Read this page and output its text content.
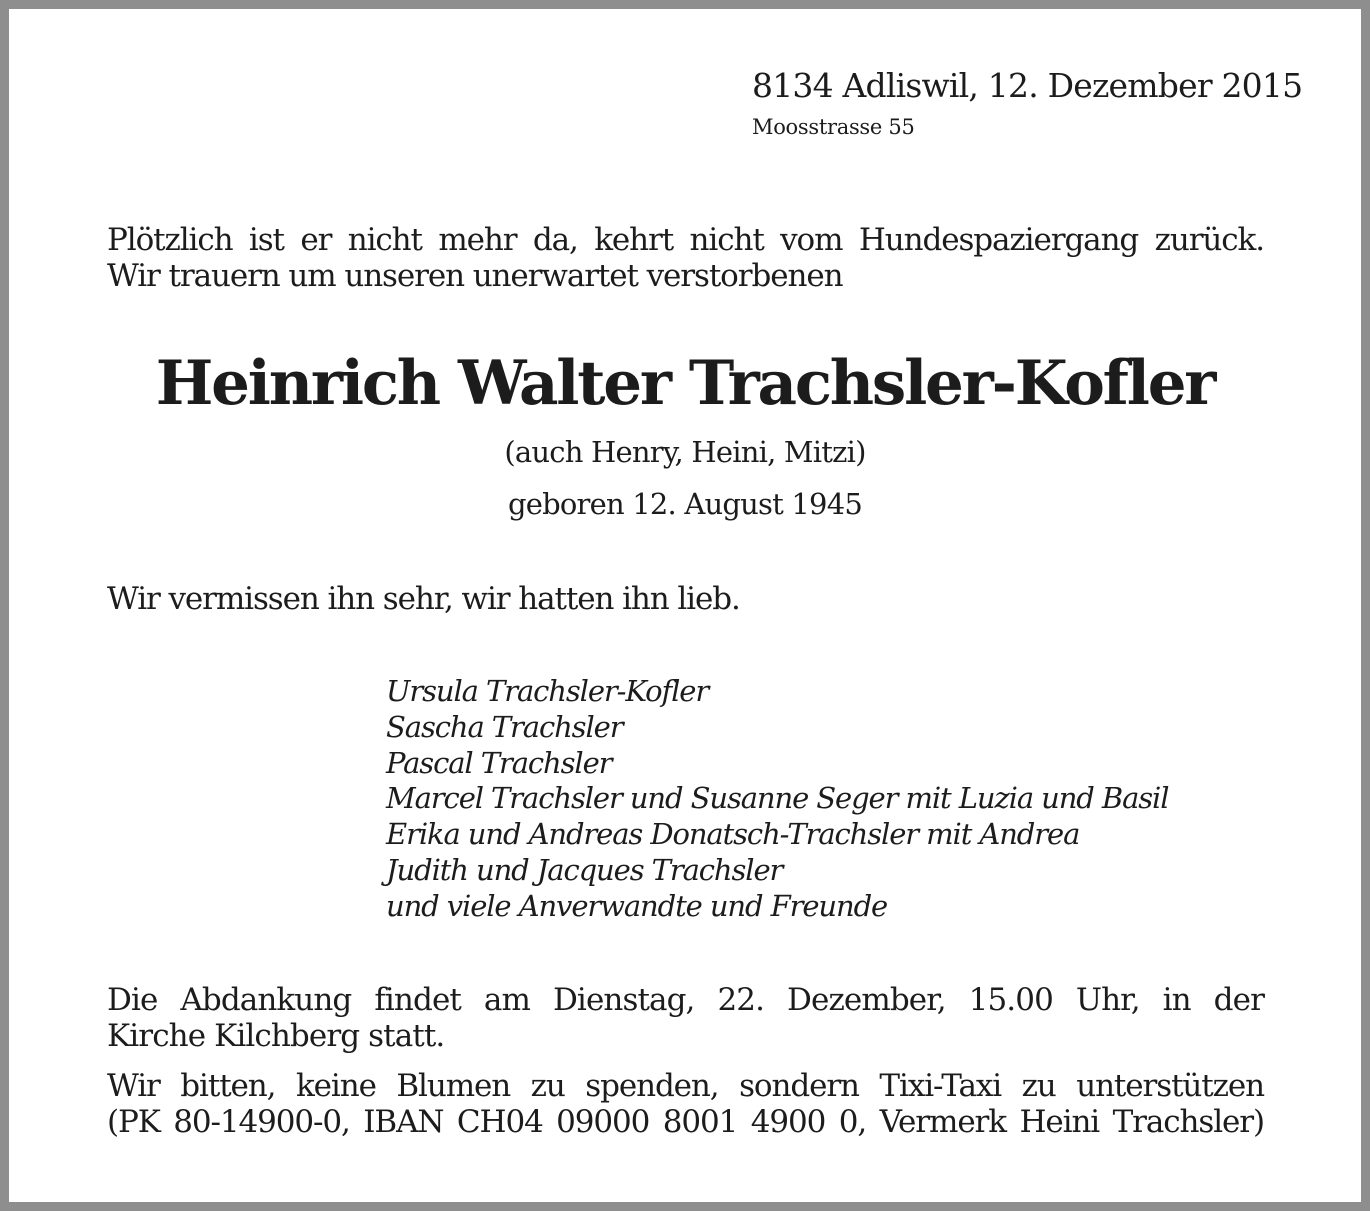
8134 Adliswil, 12. Dezember 2015
Moosstrasse 55
Plötzlich ist er nicht mehr da, kehrt nicht vom Hundespaziergang zurück.
Wir trauern um unseren unerwartet verstorbenen
Heinrich Walter Trachsler-Kofler
(auch Henry, Heini, Mitzi)
geboren 12. August 1945
Wir vermissen ihn sehr, wir hatten ihn lieb.
Ursula Trachsler-Kofler
Sascha Trachsler
Pascal Trachsler
Marcel Trachsler und Susanne Seger mit Luzia und Basil
Erika und Andreas Donatsch-Trachsler mit Andrea
Judith und Jacques Trachsler
und viele Anverwandte und Freunde
Die Abdankung findet am Dienstag, 22. Dezember, 15.00 Uhr, in der
Kirche Kilchberg statt.
Wir bitten, keine Blumen zu spenden, sondern Tixi-Taxi zu unterstützen
(PK 80-14900-0, IBAN CH04 09000 8001 4900 0, Vermerk Heini Trachsler)
